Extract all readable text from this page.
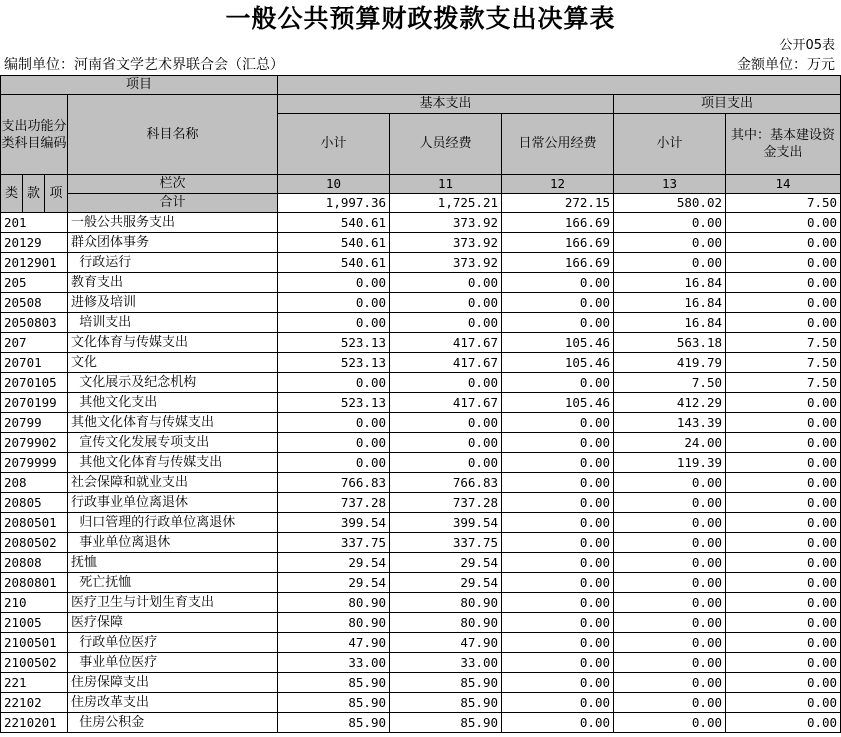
一般公共预算财政拨款支出决算表
公开05表
编制单位：河南省文学艺术界联合会（汇总）	金额单位：万元
项目								
支出功能分类科目编码			科目名称	基本支出			项目支出	
				小计	人员经费	日常公用经费	小计	其中：基本建设资金支出
类	款	项	栏次	10	11	12	13	14
			合计	1,997.36	1,725.21	272.15	580.02	7.50
201			一般公共服务支出	540.61	373.92	166.69	0.00	0.00
20129			群众团体事务	540.61	373.92	166.69	0.00	0.00
2012901			行政运行	540.61	373.92	166.69	0.00	0.00
205			教育支出	0.00	0.00	0.00	16.84	0.00
20508			进修及培训	0.00	0.00	0.00	16.84	0.00
2050803			培训支出	0.00	0.00	0.00	16.84	0.00
207			文化体育与传媒支出	523.13	417.67	105.46	563.18	7.50
20701			文化	523.13	417.67	105.46	419.79	7.50
2070105			文化展示及纪念机构	0.00	0.00	0.00	7.50	7.50
2070199			其他文化支出	523.13	417.67	105.46	412.29	0.00
20799			其他文化体育与传媒支出	0.00	0.00	0.00	143.39	0.00
2079902			宣传文化发展专项支出	0.00	0.00	0.00	24.00	0.00
2079999			其他文化体育与传媒支出	0.00	0.00	0.00	119.39	0.00
208			社会保障和就业支出	766.83	766.83	0.00	0.00	0.00
20805			行政事业单位离退休	737.28	737.28	0.00	0.00	0.00
2080501			归口管理的行政单位离退休	399.54	399.54	0.00	0.00	0.00
2080502			事业单位离退休	337.75	337.75	0.00	0.00	0.00
20808			抚恤	29.54	29.54	0.00	0.00	0.00
2080801			死亡抚恤	29.54	29.54	0.00	0.00	0.00
210			医疗卫生与计划生育支出	80.90	80.90	0.00	0.00	0.00
21005			医疗保障	80.90	80.90	0.00	0.00	0.00
2100501			行政单位医疗	47.90	47.90	0.00	0.00	0.00
2100502			事业单位医疗	33.00	33.00	0.00	0.00	0.00
221			住房保障支出	85.90	85.90	0.00	0.00	0.00
22102			住房改革支出	85.90	85.90	0.00	0.00	0.00
2210201			住房公积金	85.90	85.90	0.00	0.00	0.00
